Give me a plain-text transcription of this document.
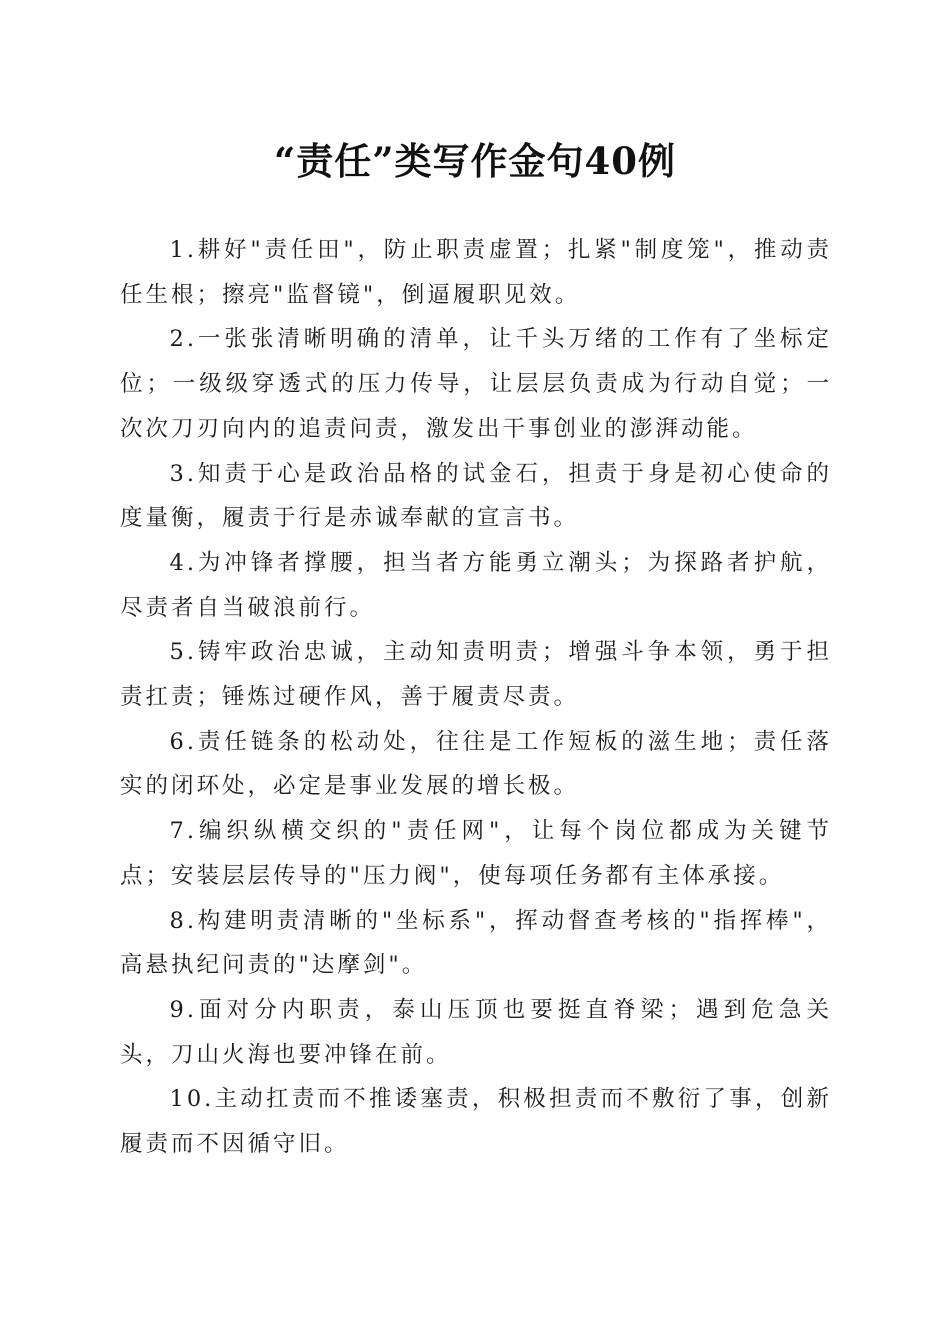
“责任”类写作金句40例

1.耕好"责任田"，防止职责虚置；扎紧"制度笼"，推动责任生根；擦亮"监督镜"，倒逼履职见效。

2.一张张清晰明确的清单，让千头万绪的工作有了坐标定位；一级级穿透式的压力传导，让层层负责成为行动自觉；一次次刀刃向内的追责问责，激发出干事创业的澎湃动能。

3.知责于心是政治品格的试金石，担责于身是初心使命的度量衡，履责于行是赤诚奉献的宣言书。

4.为冲锋者撑腰，担当者方能勇立潮头；为探路者护航，尽责者自当破浪前行。

5.铸牢政治忠诚，主动知责明责；增强斗争本领，勇于担责扛责；锤炼过硬作风，善于履责尽责。

6.责任链条的松动处，往往是工作短板的滋生地；责任落实的闭环处，必定是事业发展的增长极。

7.编织纵横交织的"责任网"，让每个岗位都成为关键节点；安装层层传导的"压力阀"，使每项任务都有主体承接。

8.构建明责清晰的"坐标系"，挥动督查考核的"指挥棒"，高悬执纪问责的"达摩剑"。

9.面对分内职责，泰山压顶也要挺直脊梁；遇到危急关头，刀山火海也要冲锋在前。

10.主动扛责而不推诿塞责，积极担责而不敷衍了事，创新履责而不因循守旧。
